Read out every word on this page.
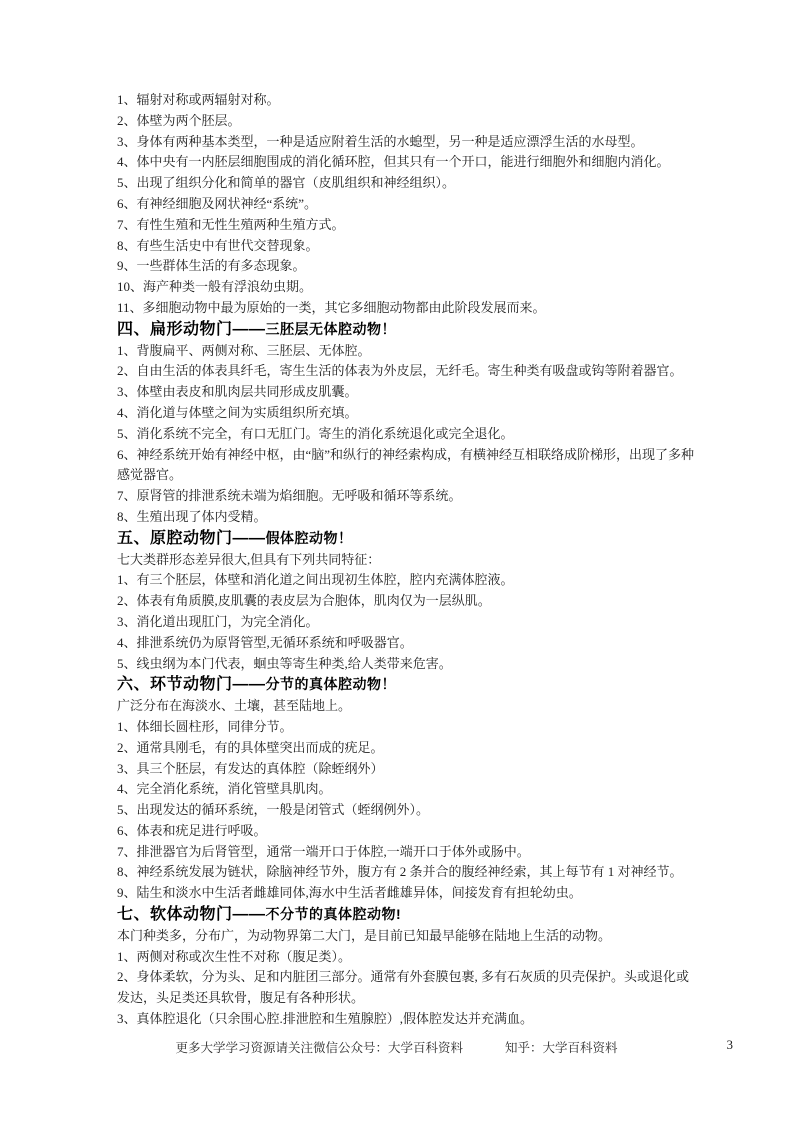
1、辐射对称或两辐射对称。

2、体壁为两个胚层。

3、身体有两种基本类型，一种是适应附着生活的水螅型，另一种是适应漂浮生活的水母型。

4、体中央有一内胚层细胞围成的消化循环腔，但其只有一个开口，能进行细胞外和细胞内消化。

5、出现了组织分化和简单的器官（皮肌组织和神经组织）。

6、有神经细胞及网状神经“系统”。

7、有性生殖和无性生殖两种生殖方式。

8、有些生活史中有世代交替现象。

9、一些群体生活的有多态现象。

10、海产种类一般有浮浪幼虫期。

11、多细胞动物中最为原始的一类，其它多细胞动物都由此阶段发展而来。

四、扁形动物门——三胚层无体腔动物！

1、背腹扁平、两侧对称、三胚层、无体腔。

2、自由生活的体表具纤毛，寄生生活的体表为外皮层，无纤毛。寄生种类有吸盘或钩等附着器官。

3、体壁由表皮和肌肉层共同形成皮肌囊。

4、消化道与体壁之间为实质组织所充填。

5、消化系统不完全，有口无肛门。寄生的消化系统退化或完全退化。

6、神经系统开始有神经中枢，由“脑”和纵行的神经索构成，有横神经互相联络成阶梯形，出现了多种感觉器官。

7、原肾管的排泄系统未端为焰细胞。无呼吸和循环等系统。

8、生殖出现了体内受精。

五、原腔动物门——假体腔动物！

七大类群形态差异很大,但具有下列共同特征：

1、有三个胚层，体壁和消化道之间出现初生体腔，腔内充满体腔液。

2、体表有角质膜,皮肌囊的表皮层为合胞体，肌肉仅为一层纵肌。

3、消化道出现肛门，为完全消化。

4、排泄系统仍为原肾管型,无循环系统和呼吸器官。

5、线虫纲为本门代表，蛔虫等寄生种类,给人类带来危害。

六、环节动物门——分节的真体腔动物！

广泛分布在海淡水、土壤，甚至陆地上。

1、体细长圆柱形，同律分节。

2、通常具刚毛，有的具体壁突出而成的疣足。

3、具三个胚层，有发达的真体腔（除蛭纲外）

4、完全消化系统，消化管壁具肌肉。

5、出现发达的循环系统，一般是闭管式（蛭纲例外）。

6、体表和疣足进行呼吸。

7、排泄器官为后肾管型，通常一端开口于体腔,一端开口于体外或肠中。

8、神经系统发展为链状，除脑神经节外，腹方有 2 条并合的腹经神经索，其上每节有 1 对神经节。

9、陆生和淡水中生活者雌雄同体,海水中生活者雌雄异体，间接发育有担轮幼虫。

七、软体动物门——不分节的真体腔动物!

本门种类多，分布广，为动物界第二大门，是目前已知最早能够在陆地上生活的动物。

1、两侧对称或次生性不对称（腹足类）。

2、身体柔软，分为头、足和内脏团三部分。通常有外套膜包裹, 多有石灰质的贝壳保护。头或退化或发达，头足类还具软骨，腹足有各种形状。

3、真体腔退化（只余围心腔.排泄腔和生殖腺腔）,假体腔发达并充满血。

更多大学学习资源请关注微信公众号：大学百科资料	知乎：大学百科资料	3
